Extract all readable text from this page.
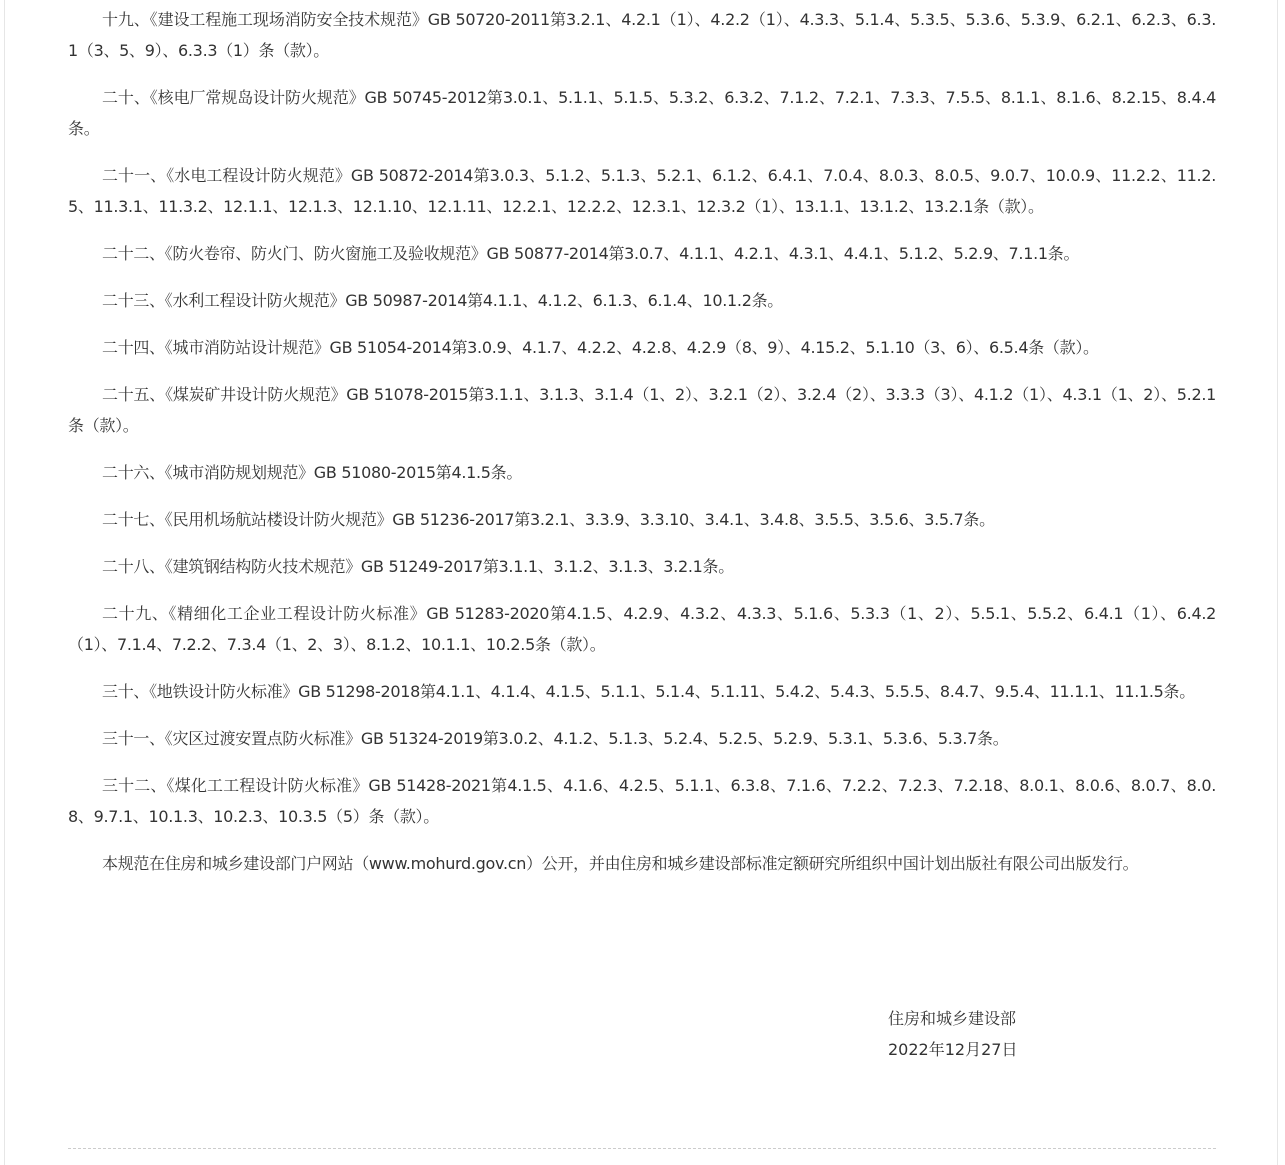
十九、《建设工程施工现场消防安全技术规范》GB 50720-2011第3.2.1、4.2.1（1）、4.2.2（1）、4.3.3、5.1.4、5.3.5、5.3.6、5.3.9、6.2.1、6.2.3、6.3.1（3、5、9）、6.3.3（1）条（款）。

二十、《核电厂常规岛设计防火规范》GB 50745-2012第3.0.1、5.1.1、5.1.5、5.3.2、6.3.2、7.1.2、7.2.1、7.3.3、7.5.5、8.1.1、8.1.6、8.2.15、8.4.4条。

二十一、《水电工程设计防火规范》GB 50872-2014第3.0.3、5.1.2、5.1.3、5.2.1、6.1.2、6.4.1、7.0.4、8.0.3、8.0.5、9.0.7、10.0.9、11.2.2、11.2.5、11.3.1、11.3.2、12.1.1、12.1.3、12.1.10、12.1.11、12.2.1、12.2.2、12.3.1、12.3.2（1）、13.1.1、13.1.2、13.2.1条（款）。

二十二、《防火卷帘、防火门、防火窗施工及验收规范》GB 50877-2014第3.0.7、4.1.1、4.2.1、4.3.1、4.4.1、5.1.2、5.2.9、7.1.1条。

二十三、《水利工程设计防火规范》GB 50987-2014第4.1.1、4.1.2、6.1.3、6.1.4、10.1.2条。

二十四、《城市消防站设计规范》GB 51054-2014第3.0.9、4.1.7、4.2.2、4.2.8、4.2.9（8、9）、4.15.2、5.1.10（3、6）、6.5.4条（款）。

二十五、《煤炭矿井设计防火规范》GB 51078-2015第3.1.1、3.1.3、3.1.4（1、2）、3.2.1（2）、3.2.4（2）、3.3.3（3）、4.1.2（1）、4.3.1（1、2）、5.2.1条（款）。

二十六、《城市消防规划规范》GB 51080-2015第4.1.5条。

二十七、《民用机场航站楼设计防火规范》GB 51236-2017第3.2.1、3.3.9、3.3.10、3.4.1、3.4.8、3.5.5、3.5.6、3.5.7条。

二十八、《建筑钢结构防火技术规范》GB 51249-2017第3.1.1、3.1.2、3.1.3、3.2.1条。

二十九、《精细化工企业工程设计防火标准》GB 51283-2020第4.1.5、4.2.9、4.3.2、4.3.3、5.1.6、5.3.3（1、2）、5.5.1、5.5.2、6.4.1（1）、6.4.2（1）、7.1.4、7.2.2、7.3.4（1、2、3）、8.1.2、10.1.1、10.2.5条（款）。

三十、《地铁设计防火标准》GB 51298-2018第4.1.1、4.1.4、4.1.5、5.1.1、5.1.4、5.1.11、5.4.2、5.4.3、5.5.5、8.4.7、9.5.4、11.1.1、11.1.5条。

三十一、《灾区过渡安置点防火标准》GB 51324-2019第3.0.2、4.1.2、5.1.3、5.2.4、5.2.5、5.2.9、5.3.1、5.3.6、5.3.7条。

三十二、《煤化工工程设计防火标准》GB 51428-2021第4.1.5、4.1.6、4.2.5、5.1.1、6.3.8、7.1.6、7.2.2、7.2.3、7.2.18、8.0.1、8.0.6、8.0.7、8.0.8、9.7.1、10.1.3、10.2.3、10.3.5（5）条（款）。

本规范在住房和城乡建设部门户网站（www.mohurd.gov.cn）公开，并由住房和城乡建设部标准定额研究所组织中国计划出版社有限公司出版发行。

住房和城乡建设部
2022年12月27日
